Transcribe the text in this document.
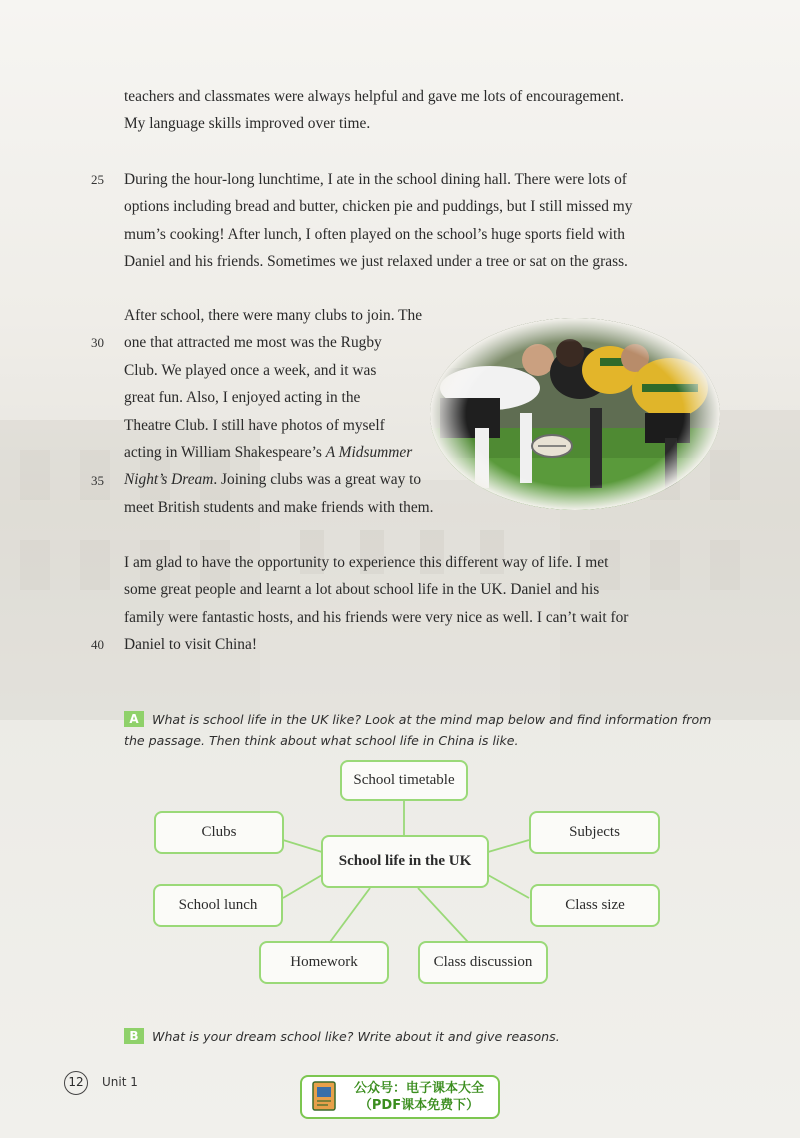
teachers and classmates were always helpful and gave me lots of encouragement.
My language skills improved over time.
25	During the hour-long lunchtime, I ate in the school dining hall. There were lots of
options including bread and butter, chicken pie and puddings, but I still missed my
mum’s cooking! After lunch, I often played on the school’s huge sports field with
Daniel and his friends. Sometimes we just relaxed under a tree or sat on the grass.
30
35
After school, there were many clubs to join. The
one that attracted me most was the Rugby
Club. We played once a week, and it was
great fun. Also, I enjoyed acting in the
Theatre Club. I still have photos of myself
acting in William Shakespeare’s A Midsummer
Night’s Dream. Joining clubs was a great way to
meet British students and make friends with them.
40
I am glad to have the opportunity to experience this different way of life. I met
some great people and learnt a lot about school life in the UK. Daniel and his
family were fantastic hosts, and his friends were very nice as well. I can’t wait for
Daniel to visit China!
A What is school life in the UK like? Look at the mind map below and find information from
the passage. Then think about what school life in China is like.
School timetable
Clubs	Subjects
School life in the UK
School lunch	Class size
Homework	Class discussion
B What is your dream school like? Write about it and give reasons.
12	Unit 1	公众号：电子课本大全
（PDF课本免费下）
